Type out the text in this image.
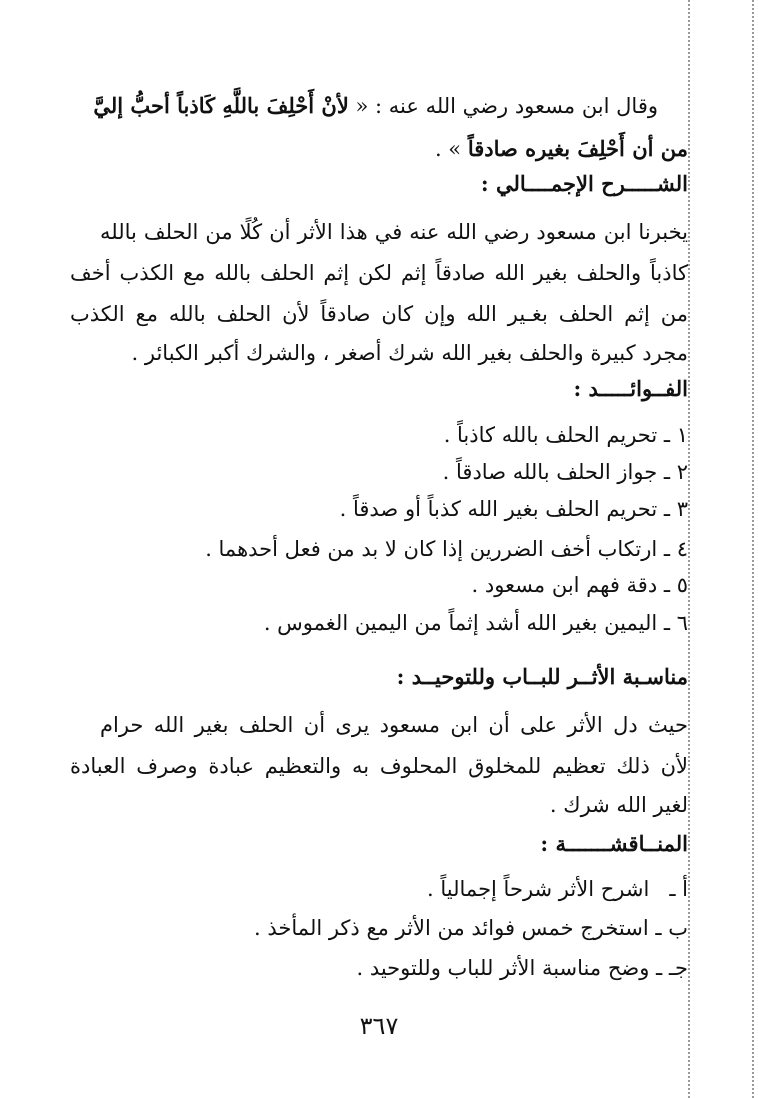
وقال ابن مسعود رضي الله عنه : « لأنْ أَحْلِفَ باللَّهِ كَاذباً أحبُّ إليَّ
من أن أَحْلِفَ بغيره صادقاً » .
الشـــــرح الإجمــــالي :
يخبرنا ابن مسعود رضي الله عنه في هذا الأثر أن كُلًا من الحلف بالله
كاذباً والحلف بغير الله صادقاً إثم لكن إثم الحلف بالله مع الكذب أخف
من إثم الحلف بغـير الله وإن كان صادقاً لأن الحلف بالله مع الكذب
مجرد كبيرة والحلف بغير الله شرك أصغر ، والشرك أكبر الكبائر .
الفــوائـــــد :
١ ـ تحريم الحلف بالله كاذباً .
٢ ـ جواز الحلف بالله صادقاً .
٣ ـ تحريم الحلف بغير الله كذباً أو صدقاً .
٤ ـ ارتكاب أخف الضررين إذا كان لا بد من فعل أحدهما .
٥ ـ دقة فهم ابن مسعود .
٦ ـ اليمين بغير الله أشد إثماً من اليمين الغموس .
مناسـبة الأثــر للبــاب وللتوحيــد :
حيث دل الأثر على أن ابن مسعود يرى أن الحلف بغير الله حرام
لأن ذلك تعظيم للمخلوق المحلوف به والتعظيم عبادة وصرف العبادة
لغير الله شرك .
المنــاقشـــــــة :
أ ـ   اشرح الأثر شرحاً إجمالياً .
ب ـ استخرج خمس فوائد من الأثر مع ذكر المأخذ .
جـ ـ وضح مناسبة الأثر للباب وللتوحيد .
٣٦٧
